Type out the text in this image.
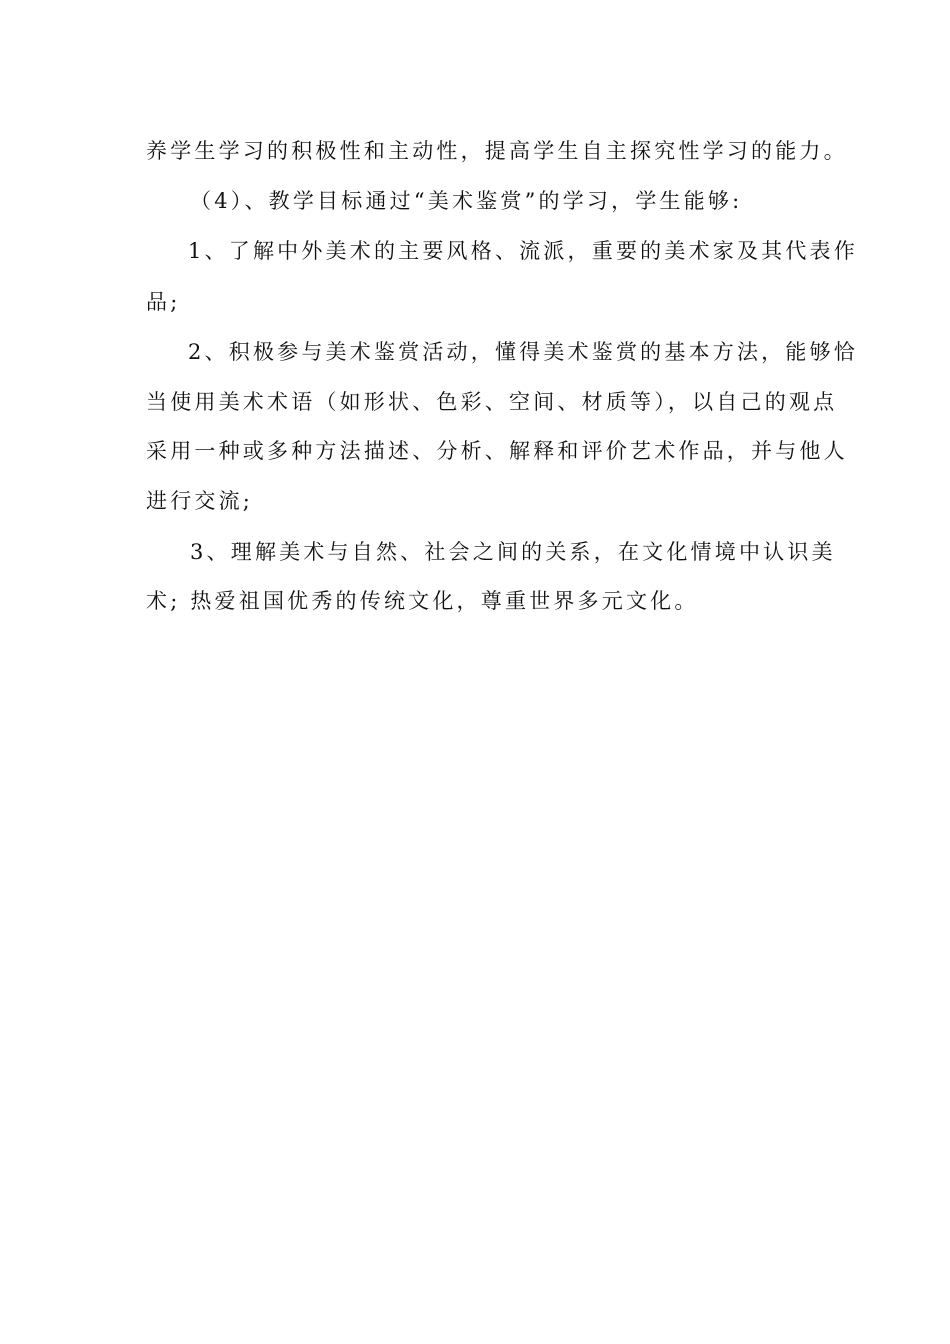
养学生学习的积极性和主动性，提高学生自主探究性学习的能力。
（4）、教学目标通过“美术鉴赏”的学习，学生能够:
1、了解中外美术的主要风格、流派，重要的美术家及其代表作
品;
2、积极参与美术鉴赏活动，懂得美术鉴赏的基本方法，能够恰
当使用美术术语（如形状、色彩、空间、材质等），以自己的观点
采用一种或多种方法描述、分析、解释和评价艺术作品，并与他人
进行交流;
3、理解美术与自然、社会之间的关系，在文化情境中认识美
术; 热爱祖国优秀的传统文化，尊重世界多元文化。
